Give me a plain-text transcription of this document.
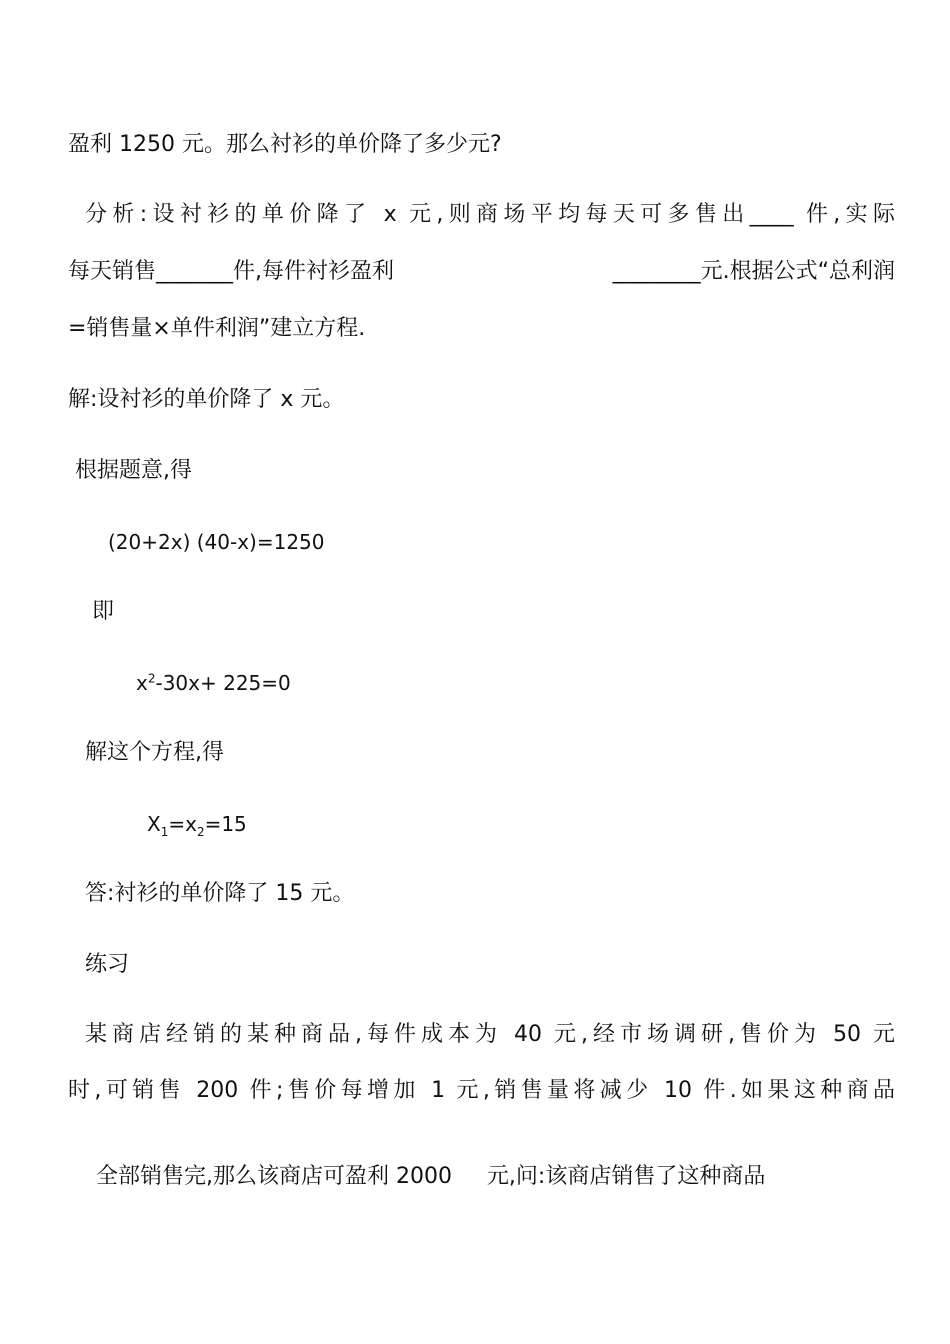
盈利 1250 元。那么衬衫的单价降了多少元?
分析:设衬衫的单价降了 x 元,则商场平均每天可多售出____ 件,实际
每天销售_______件,每件衬衫盈利	________元.根据公式“总利润
=销售量×单件利润”建立方程.
解:设衬衫的单价降了 x 元。
根据题意,得
(20+2x) (40-x)=1250
即
$x^2-30x+ 225=0$
解这个方程,得
$X_1=x_2=15$
答:衬衫的单价降了 15 元。
练习
某商店经销的某种商品,每件成本为 40 元,经市场调研,售价为 50 元
时,可销售 200 件;售价每增加 1 元,销售量将减少 10 件.如果这种商品

全部销售完,那么该商店可盈利 2000     元,问:该商店销售了这种商品
